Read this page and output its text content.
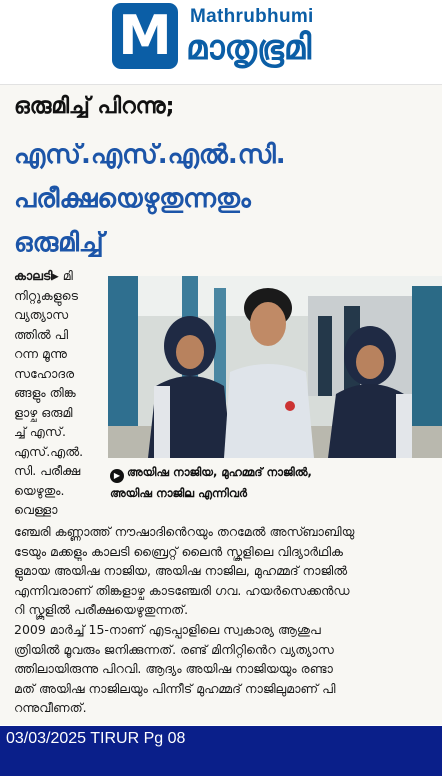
M Mathrubhumi
മാതൃഭൂമി
ഒരുമിച്ച് പിറന്നു;
എസ്.എസ്.എൽ.സി.
പരീക്ഷയെഴുതുന്നതും
ഒരുമിച്ച്
കാലടി▸ മി
നിറ്റുകളുടെ
വ്യത്യാസ
ത്തിൽ പി
റന്ന മൂന്നു
സഹോദര
ങ്ങളും തിങ്ക
ളാഴ്ച ഒരുമി
ച്ച് എസ്.
എസ്.എൽ.
സി. പരീക്ഷ
യെഴുതും.
വെള്ളാ
▶ അയിഷ നാജിയ, മുഹമ്മദ് നാജിൽ,
അയിഷ നാജില എന്നിവർ
ഞ്ചേരി കണ്ണാത്ത് നൗഷാദിൻെറയും തറമേൽ അസ്ബാബിയു
ടേയും മക്കളും കാലടി ബ്രൈറ്റ് ലൈൻ സ്കൂളിലെ വിദ്യാർഥിക
ളുമായ അയിഷ നാജിയ, അയിഷ നാജില, മുഹമ്മദ് നാജിൽ
എന്നിവരാണ് തിങ്കളാഴ്ച കാടഞ്ചേരി ഗവ. ഹയർസെക്കൻഡ
റി സ്കൂളിൽ പരീക്ഷയെഴുതുന്നത്.
2009 മാർച്ച് 15-നാണ് എടപ്പാളിലെ സ്വകാര്യ ആശുപ
ത്രിയിൽ മൂവരും ജനിക്കുന്നത്. രണ്ട് മിനിറ്റിൻെറ വ്യത്യാസ
ത്തിലായിരുന്നു പിറവി. ആദ്യം അയിഷ നാജിയയും രണ്ടാ
മത് അയിഷ നാജിലയും പിന്നീട് മുഹമ്മദ് നാജിലുമാണ് പി
റന്നുവീണത്.
03/03/2025 TIRUR Pg 08
